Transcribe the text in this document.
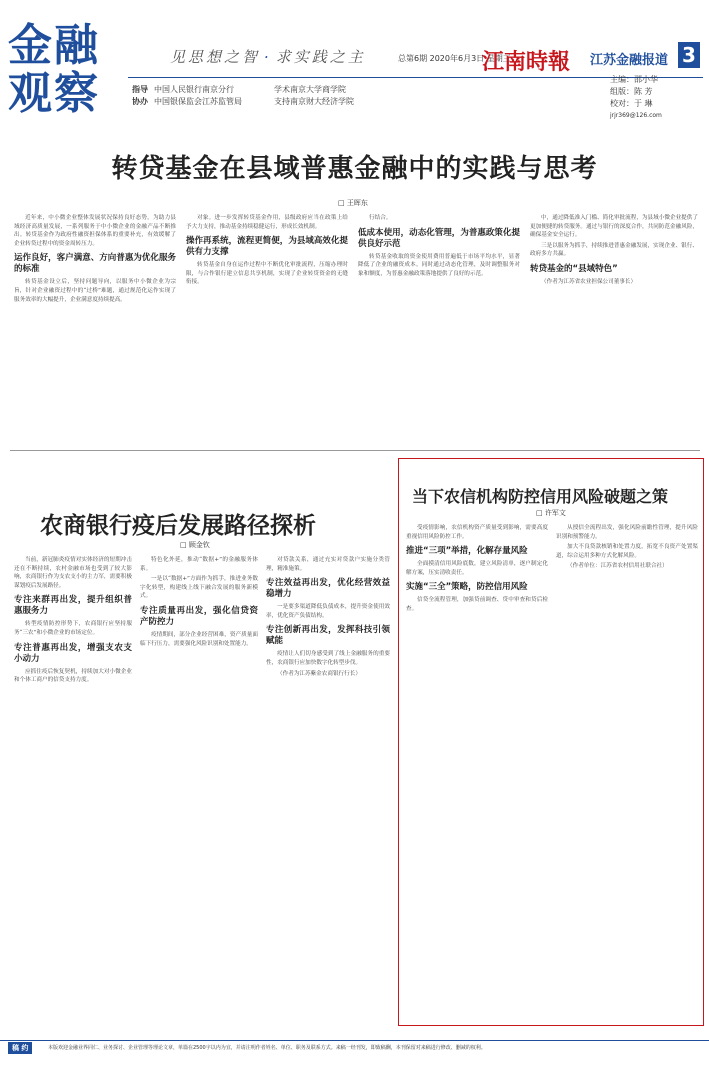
金融
观察
见思想之智 · 求实践之主
指导 中国人民银行南京分行
协办 中国银保监会江苏监管局
学术南京大学商学院
支持南京财大经济学院
总第6期 2020年6月3日 星期三
江南時報 江苏金融报道 3
主编：邵小华
组版：陈 芳
校对：于 琳
jrjr369@126.com
转贷基金在县域普惠金融中的实践与思考
□ 王晖东

近年来，中小微企业整体发展状况保持良好态势，为助力县域经济高质量发展，一系列服务于中小微企业的金融产品不断推出。转贷基金作为政府性融资担保体系的重要补充，有效缓解了企业转贷过程中的资金周转压力。

运作良好，客户满意、方向普惠为优化服务的标准

转贷基金设立后，坚持问题导向，以服务中小微企业为宗旨，针对企业融资过程中的“过桥”难题，通过规范化运作实现了服务效率的大幅提升，企业满意度持续提高。

对象。进一步发挥转贷基金作用，县级政府应当在政策上给予大力支持，推动基金持续稳健运行，形成长效机制。

操作再系统，流程更简便，为县域高效化提供有力支撑

转贷基金自身在运作过程中不断优化审批流程，压缩办理时限，与合作银行建立信息共享机制，实现了企业转贷资金的无缝衔接。

行结合。

低成本使用，动态化管理，为普惠政策化提供良好示范

转贷基金收取的资金使用费用普遍低于市场平均水平，显著降低了企业的融资成本。同时通过动态化管理，及时调整服务对象和额度，为普惠金融政策落地提供了良好的示范。

中，通过降低准入门槛、简化审批流程，为县域小微企业提供了更加便捷的转贷服务。通过与银行的深度合作，共同防范金融风险，确保基金安全运行。

三是以服务为抓手，持续推进普惠金融发展，实现企业、银行、政府多方共赢。

转贷基金的“县域特色”

（作者为江苏省农业担保公司董事长）

农商银行疫后发展路径探析
□ 顾金钦

当前，新冠肺炎疫情对实体经济的短期冲击还在不断持续，农村金融市场也受到了较大影响，农商银行作为支农支小的主力军，需要积极谋划疫后发展路径。

专注来群再出发，提升组织普惠服务力

转型疫情防控形势下，农商银行应坚持服务“三农”和小微企业的市场定位。

专注普惠再出发，增强支农支小动力

应抓住疫后恢复契机，持续加大对小微企业和个体工商户的信贷支持力度。

特色化外延，推动“数据+”的金融服务体系。

一是以“数据+”方面作为抓手，推进业务数字化转型，构建线上线下融合发展的服务新模式。

专注质量再出发，强化信贷资产防控力

疫情期间，部分企业经营困难，资产质量面临下行压力，需要强化风险识别和处置能力。

对贷款关系，通过充实对贷款户实施分类管理，精准施策。

专注效益再出发，优化经营效益稳增力

一是要多渠道降低负债成本，提升资金使用效率，优化资产负债结构。

专注创新再出发，发挥科技引领赋能

疫情让人们切身感受到了线上金融服务的重要性，农商银行应加快数字化转型步伐。

（作者为江苏紫金农商银行行长）

当下农信机构防控信用风险破题之策
□ 许军文

受疫情影响，农信机构资产质量受到影响，需要高度重视信用风险防控工作。

推进“三项”举措，化解存量风险

全面摸清信用风险底数，建立风险清单，逐户制定化解方案，压实清收责任。

实施“三全”策略，防控信用风险

信贷全流程管理，加强贷前调查、贷中审查和贷后检查。

从授信全流程出发，强化风险前瞻性管理，提升风险识别和预警能力。

加大不良贷款核销和处置力度，拓宽不良资产处置渠道，综合运用多种方式化解风险。

（作者单位：江苏省农村信用社联合社）

稿 约	本版欢迎金融业界同仁、业务探讨、企业管理等理论文章，单篇在2500字以内为宜，并请注明作者姓名、单位、职务及联系方式。来稿一经刊发，即致稿酬，本刊保留对来稿进行修改、删减的权利。
